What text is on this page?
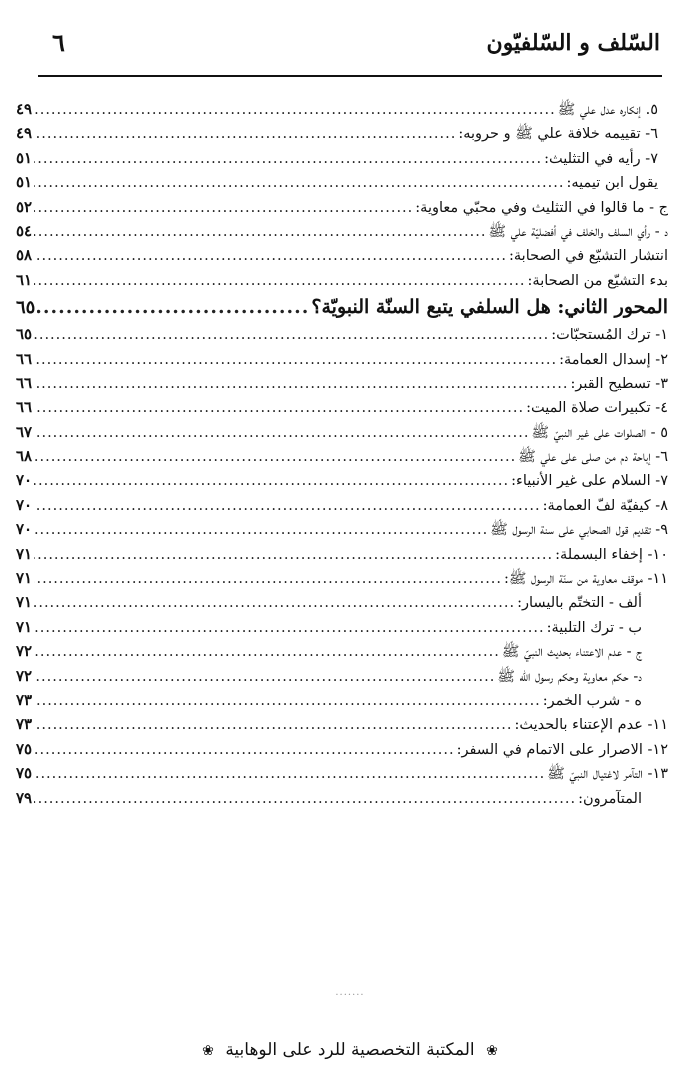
السّلف و السّلفيّون
٦
٥. إنكاره عدل علي ﷺ
.....
٤٩
٦- تقييمه خلافة علي ﷺ و حروبه:
.....
٤٩
٧- رأيه في التثليث:
.....
٥١
يقول ابن تيميه:
.....
٥١
ج - ما قالوا في التثليث وفي محبّي معاوية:
.....
٥٢
د - رأي السلف والخلف في أفضليّة علي ﷺ
.....
٥٤
انتشار التشيّع في الصحابة:
.....
٥٨
بدء التشيّع من الصحابة:
.....
٦١
المحور الثاني: هل السلفي يتبع السنّة النبويّة؟
.....
٦٥
١- ترك المُستحبّات:
.....
٦٥
٢- إسدال العمامة:
.....
٦٦
٣- تسطيح القبر:
.....
٦٦
٤- تكبيرات صلاة الميت:
.....
٦٦
٥ - الصلوات على غير النبيّ ﷺ
.....
٦٧
٦- إباحة دم من صلى على علي ﷺ
.....
٦٨
٧- السلام على غير الأنبياء:
.....
٧٠
٨- كيفيّة لفّ العمامة:
.....
٧٠
٩- تقديم قول الصحابي على سنة الرسول ﷺ
.....
٧٠
١٠- إخفاء البسملة:
.....
٧١
١١- موقف معاوية من سنّة الرسول ﷺ:
.....
٧١
ألف - التختّم باليسار:
.....
٧١
ب - ترك التلبية:
.....
٧١
ج - عدم الاعتناء بحديث النبيّ ﷺ
.....
٧٢
د- حكم معاوية وحكم رسول الله ﷺ
.....
٧٢
ه - شرب الخمر:
.....
٧٣
١١- عدم الإعتناء بالحديث:
.....
٧٣
١٢- الاصرار على الاتمام في السفر:
.....
٧٥
١٣- التآمر لاغتيال النبيّ ﷺ
.....
٧٥
المتآمرون:
.....
٧٩
·······
❀ المكتبة التخصصية للرد على الوهابية ❀
